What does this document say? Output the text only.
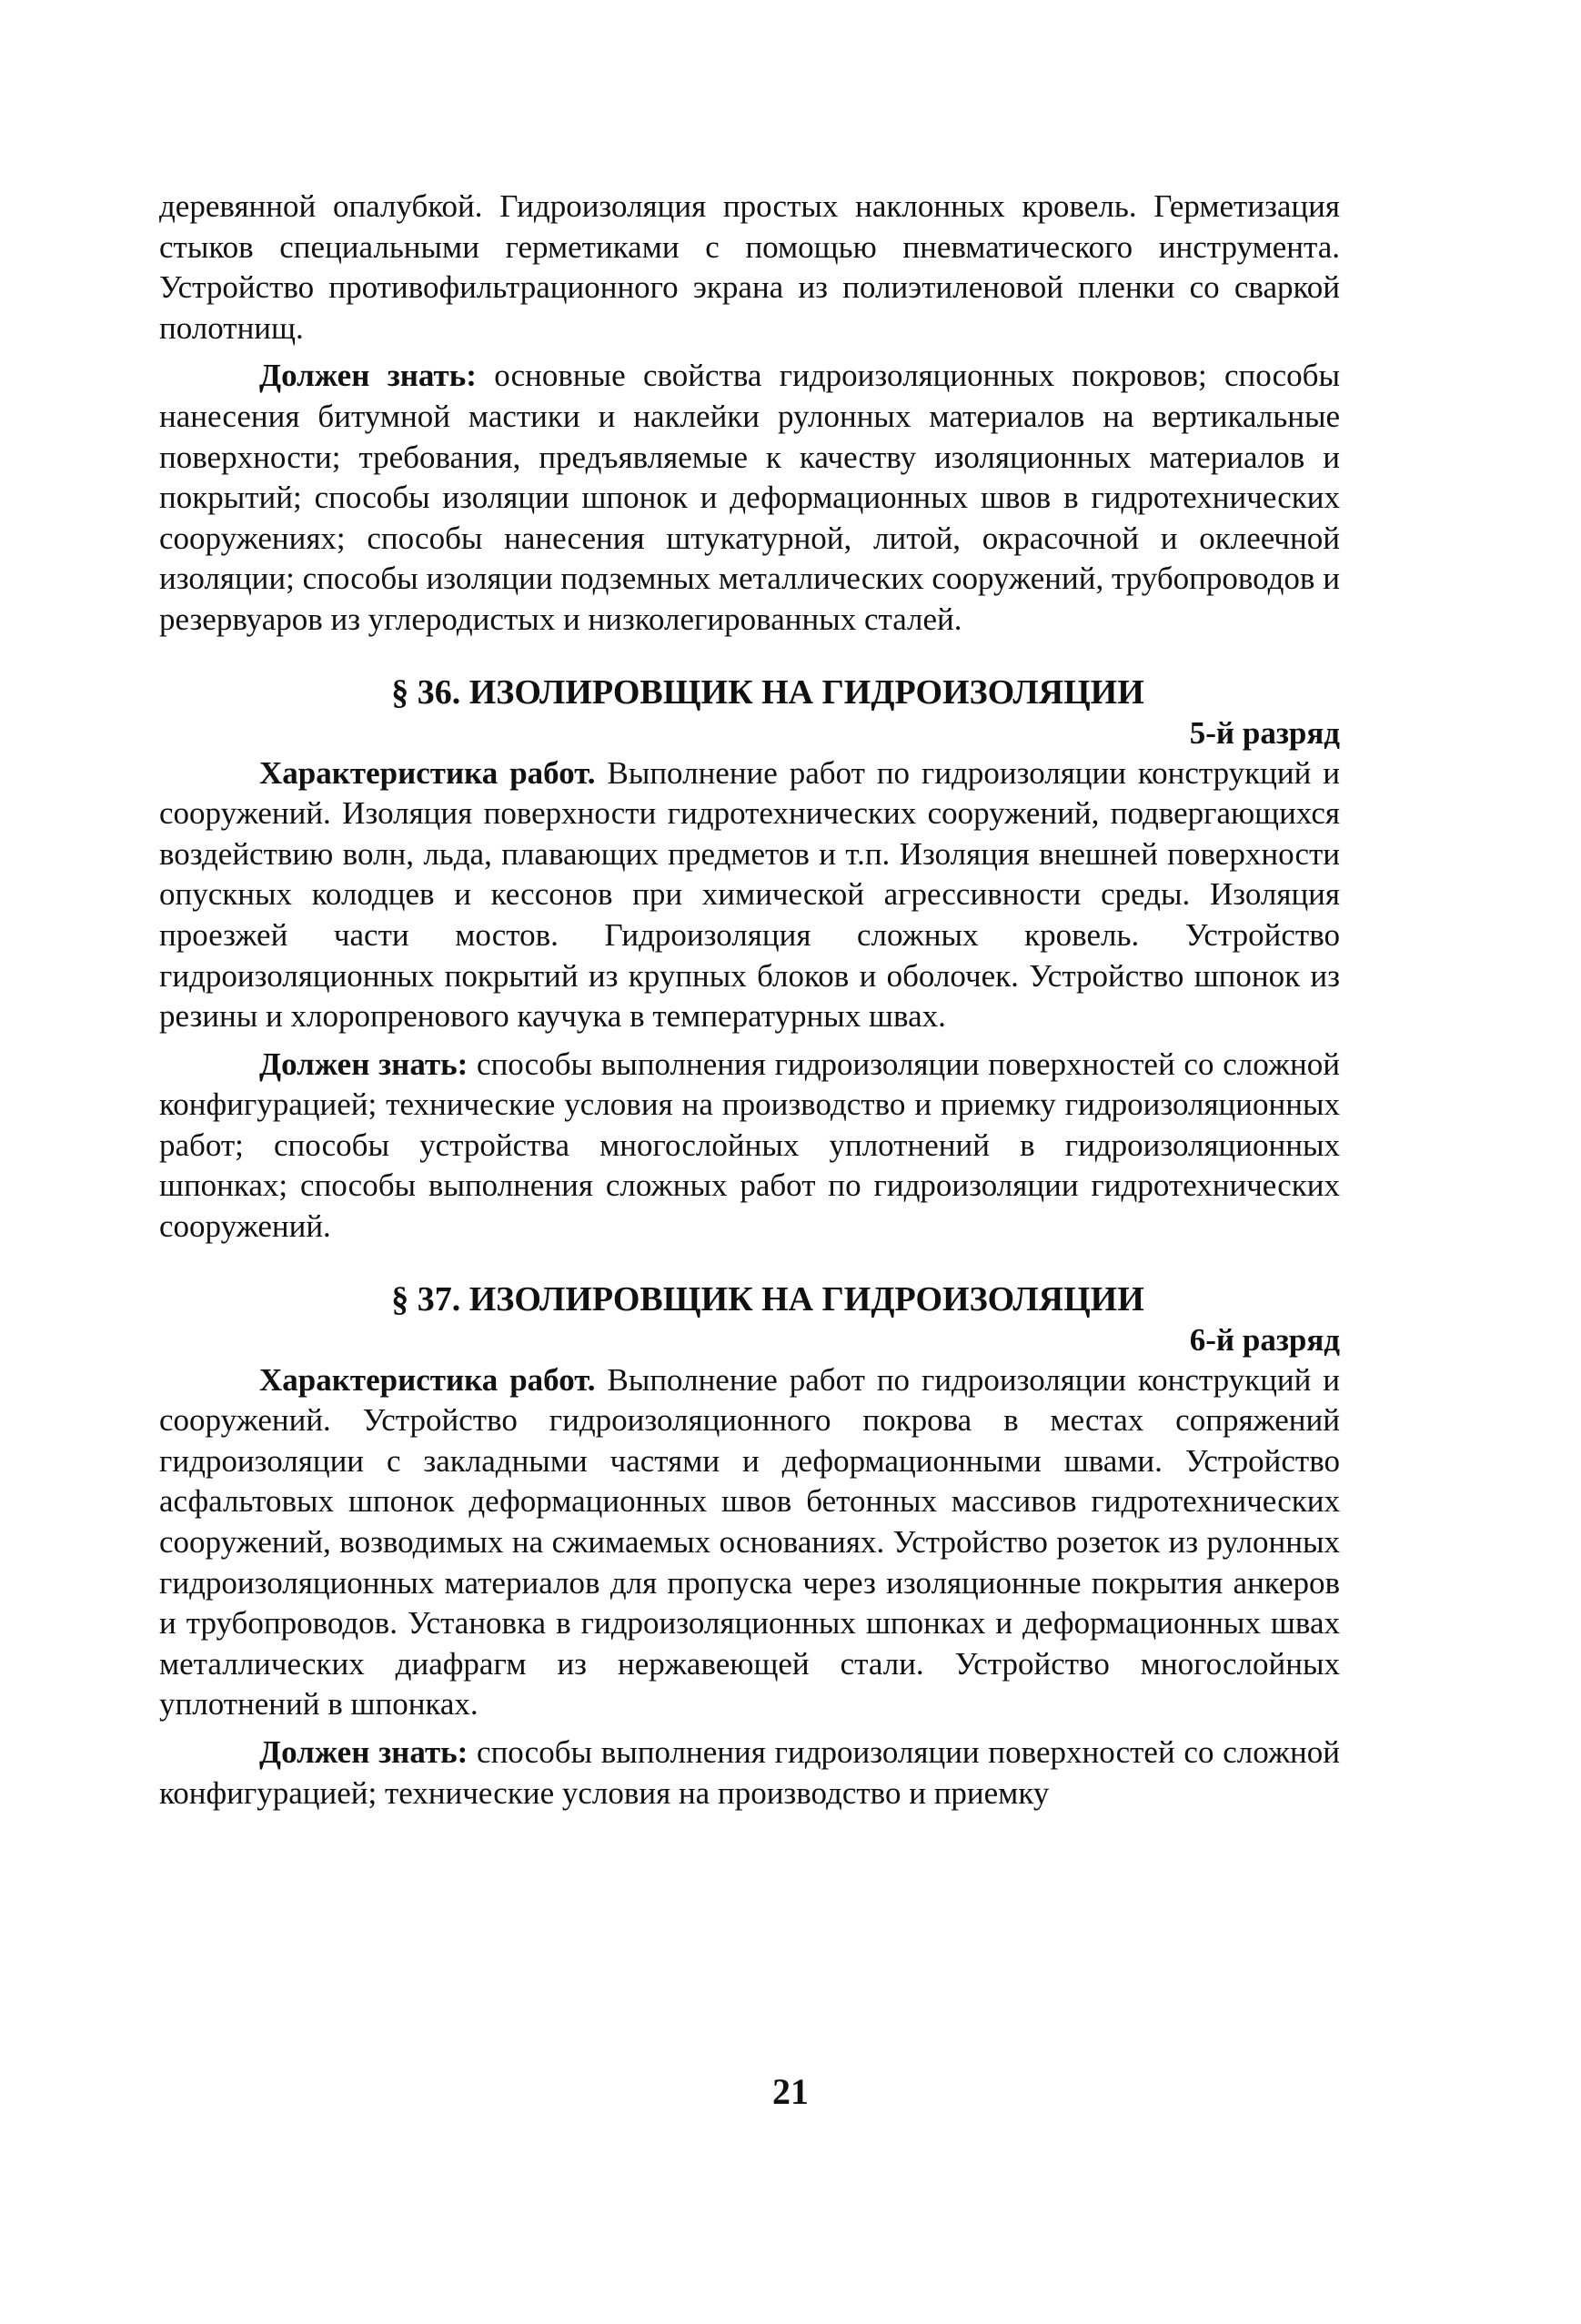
деревянной опалубкой. Гидроизоляция простых наклонных кровель. Герметизация стыков специальными герметиками с помощью пневматического инструмента. Устройство противофильтрационного экрана из полиэтиленовой пленки со сваркой полотнищ.

Должен знать: основные свойства гидроизоляционных покровов; способы нанесения битумной мастики и наклейки рулонных материалов на вертикальные поверхности; требования, предъявляемые к качеству изоляционных материалов и покрытий; способы изоляции шпонок и деформационных швов в гидротехнических сооружениях; способы нанесения штукатурной, литой, окрасочной и оклеечной изоляции; способы изоляции подземных металлических сооружений, трубопроводов и резервуаров из углеродистых и низколегированных сталей.

§ 36. ИЗОЛИРОВЩИК НА ГИДРОИЗОЛЯЦИИ

5-й разряд

Характеристика работ. Выполнение работ по гидроизоляции конструкций и сооружений. Изоляция поверхности гидротехнических сооружений, подвергающихся воздействию волн, льда, плавающих предметов и т.п. Изоляция внешней поверхности опускных колодцев и кессонов при химической агрессивности среды. Изоляция проезжей части мостов. Гидроизоляция сложных кровель. Устройство гидроизоляционных покрытий из крупных блоков и оболочек. Устройство шпонок из резины и хлоропренового каучука в температурных швах.

Должен знать: способы выполнения гидроизоляции поверхностей со сложной конфигурацией; технические условия на производство и приемку гидроизоляционных работ; способы устройства многослойных уплотнений в гидроизоляционных шпонках; способы выполнения сложных работ по гидроизоляции гидротехнических сооружений.

§ 37. ИЗОЛИРОВЩИК НА ГИДРОИЗОЛЯЦИИ

6-й разряд

Характеристика работ. Выполнение работ по гидроизоляции конструкций и сооружений. Устройство гидроизоляционного покрова в местах сопряжений гидроизоляции с закладными частями и деформационными швами. Устройство асфальтовых шпонок деформационных швов бетонных массивов гидротехнических сооружений, возводимых на сжимаемых основаниях. Устройство розеток из рулонных гидроизоляционных материалов для пропуска через изоляционные покрытия анкеров и трубопроводов. Установка в гидроизоляционных шпонках и деформационных швах металлических диафрагм из нержавеющей стали. Устройство многослойных уплотнений в шпонках.

Должен знать: способы выполнения гидроизоляции поверхностей со сложной конфигурацией; технические условия на производство и приемку

21
